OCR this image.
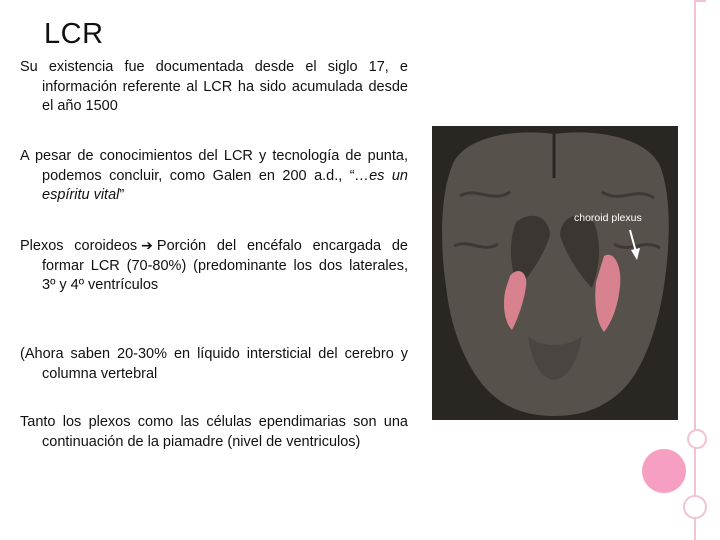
LCR

Su existencia fue documentada desde el siglo 17, e información referente al LCR ha sido acumulada desde el año 1500

A pesar de conocimientos del LCR y tecnología de punta, podemos concluir, como Galen en 200 a.d., “…es un espíritu vital”

Plexos coroideos ➔ Porción del encéfalo encargada de formar LCR (70-80%) (predominante los dos laterales, 3º y 4º ventrículos

(Ahora saben 20-30% en líquido intersticial del cerebro y columna vertebral

Tanto los plexos como las células ependimarias son una continuación de la piamadre (nivel de ventriculos)

choroid plexus
